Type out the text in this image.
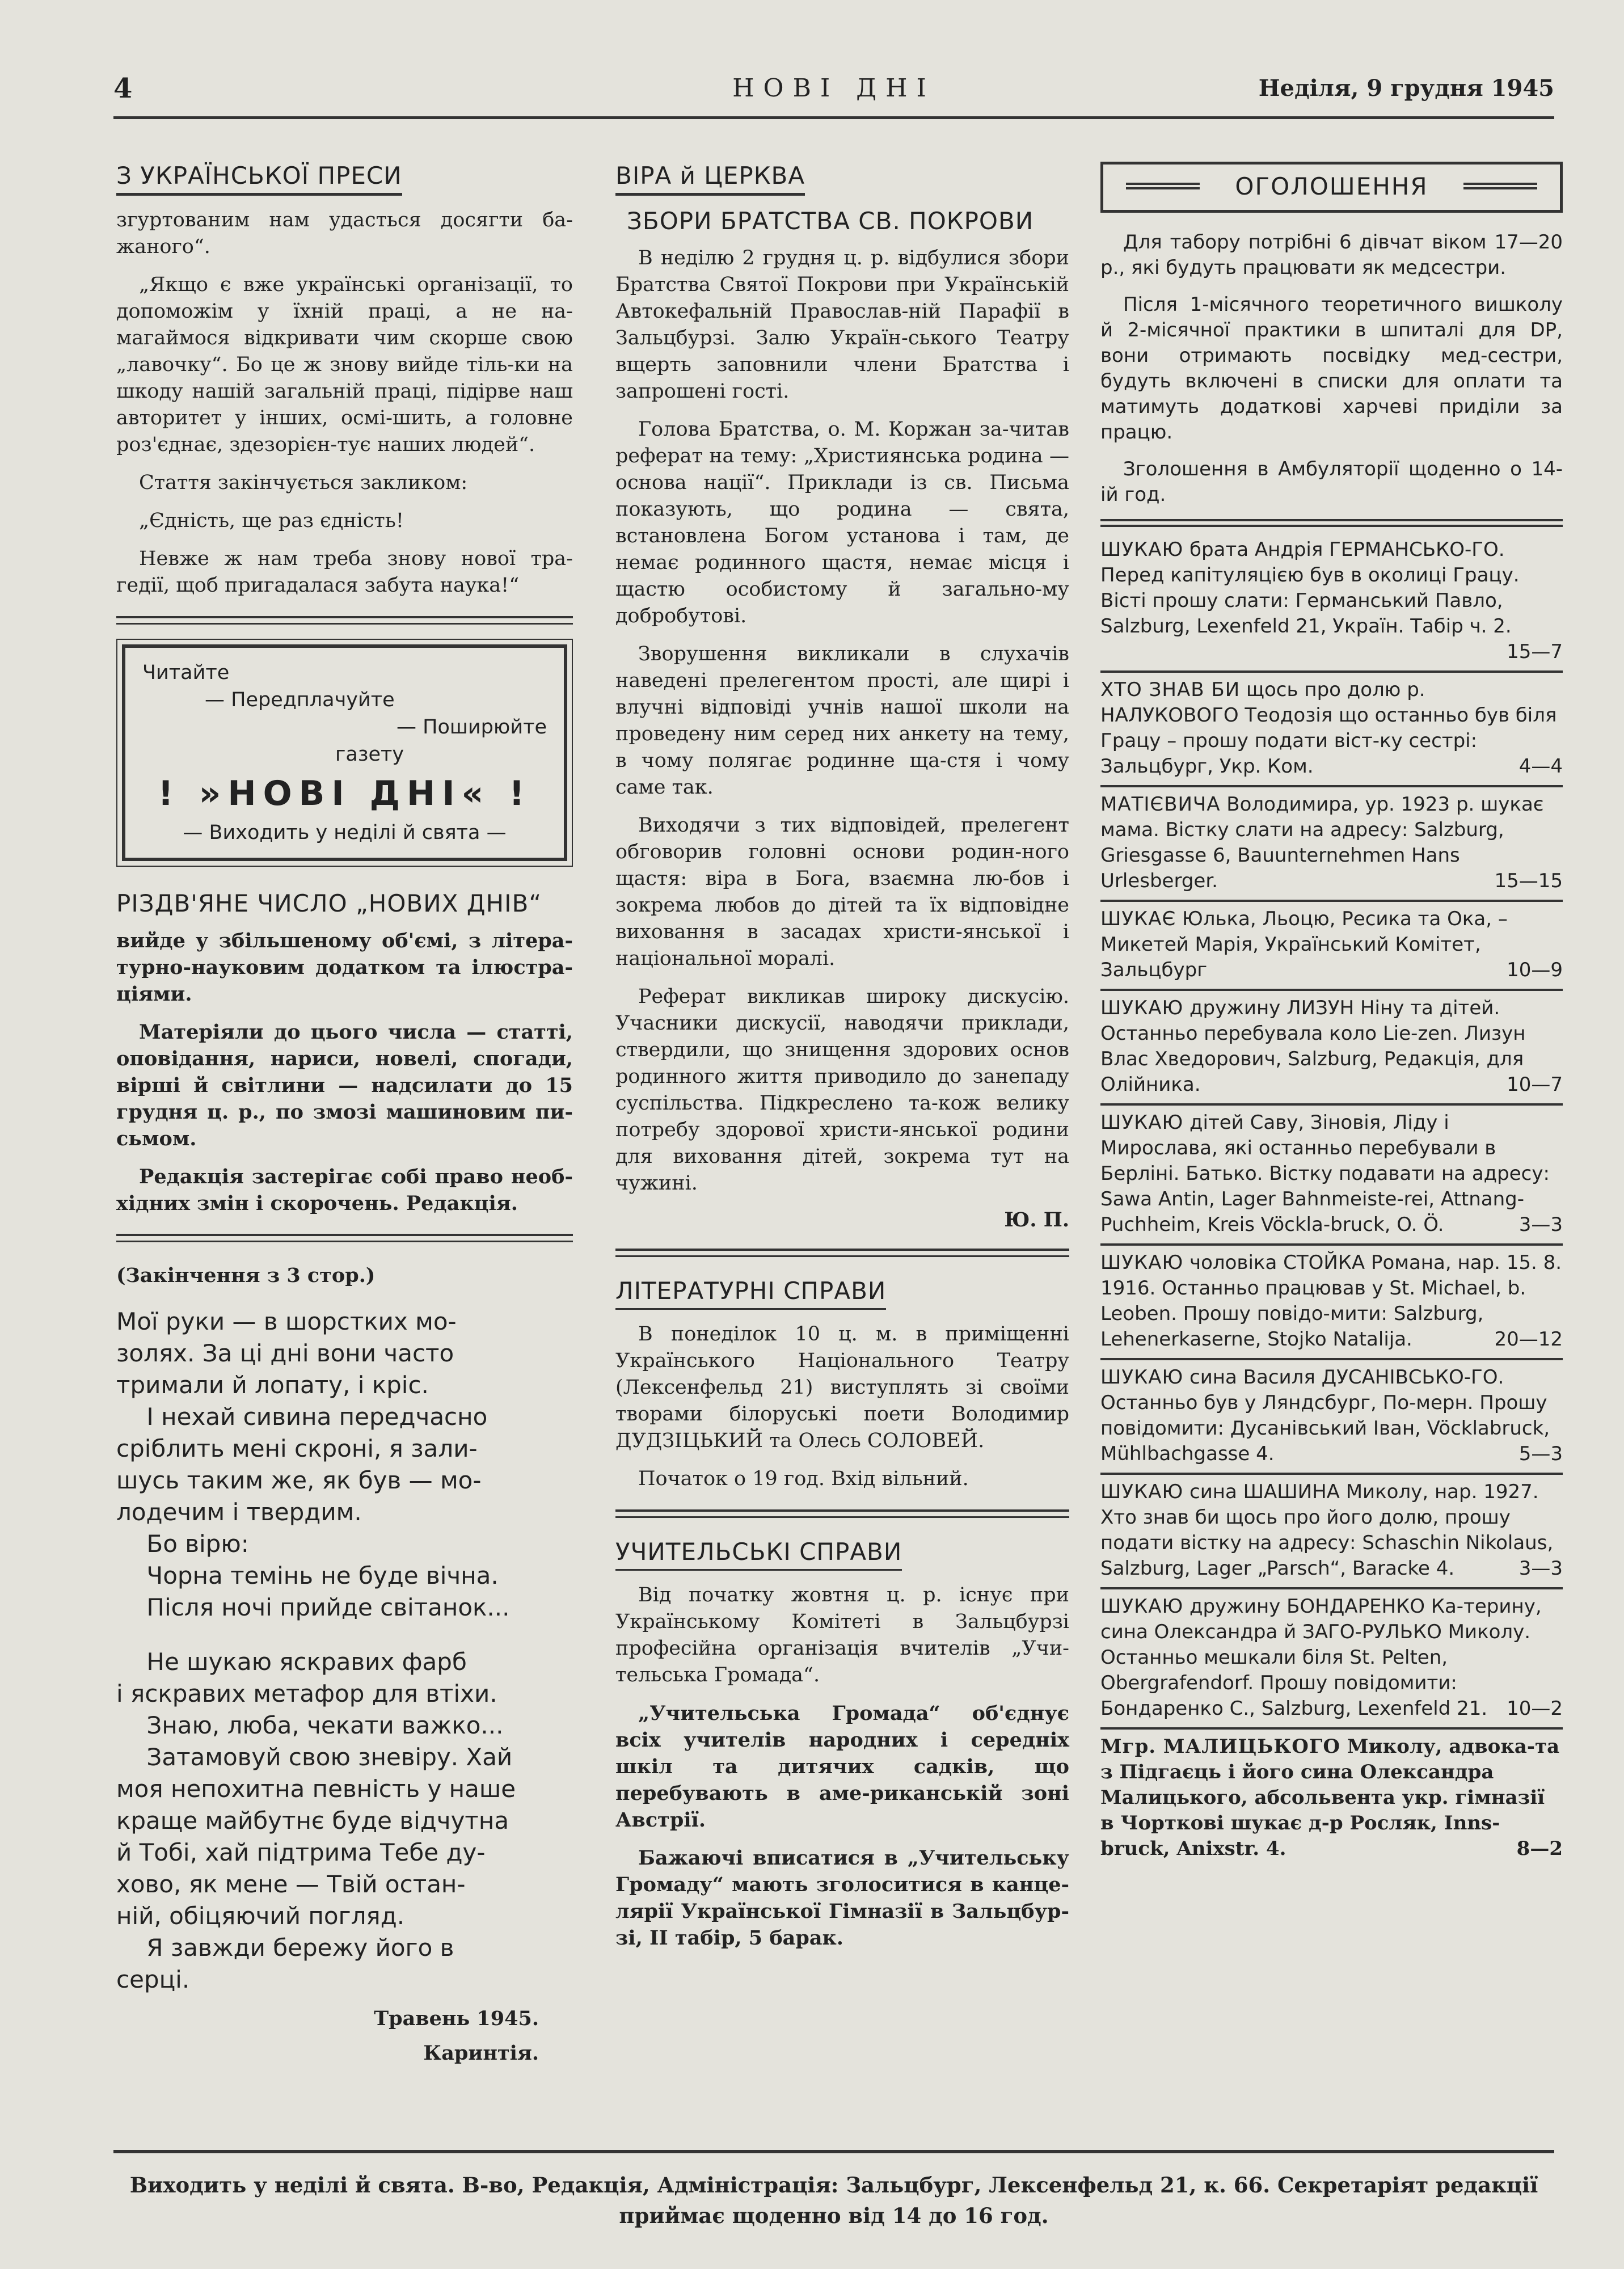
4	НОВІ ДНІ	Неділя, 9 грудня 1945
З УКРАЇНСЬКОЇ ПРЕСИ

згуртованим нам удасться досягти ба-жаного“.

„Якщо є вже українські організації, то допоможім у їхній праці, а не на-магаймося відкривати чим скорше свою „лавочку“. Бо це ж знову вийде тіль-ки на шкоду нашій загальній праці, підірве наш авторитет у інших, осмі-шить, а головне роз'єднає, здезорієн-тує наших людей“.

Стаття закінчується закликом:

„Єдність, ще раз єдність!

Невже ж нам треба знову нової тра-гедії, щоб пригадалася забута наука!“

Читайте
— Передплачуйте
— Поширюйте
газету
! »НОВІ ДНІ« !
— Виходить у неділі й свята —
РІЗДВ'ЯНЕ ЧИСЛО „НОВИХ ДНІВ“

вийде у збільшеному об'ємі, з літера-турно-науковим додатком та ілюстра-ціями.

Матеріяли до цього числа — статті, оповідання, нариси, новелі, спогади, вірші й світлини — надсилати до 15 грудня ц. р., по змозі машиновим пи-сьмом.

Редакція застерігає собі право необ-хідних змін і скорочень. Редакція.

(Закінчення з 3 стор.)

Мої руки — в шорстких мо-
золях. За ці дні вони часто
тримали й лопату, і кріс.
І нехай сивина передчасно
сріблить мені скроні, я зали-
шусь таким же, як був — мо-
лодечим і твердим.
Бо вірю:
Чорна темінь не буде вічна.
Після ночі прийде світанок...
Не шукаю яскравих фарб
і яскравих метафор для втіхи.
Знаю, люба, чекати важко...
Затамовуй свою зневіру. Хай
моя непохитна певність у наше
краще майбутнє буде відчутна
й Тобі, хай підтрима Тебе ду-
хово, як мене — Твій остан-
ній, обіцяючий погляд.
Я завжди бережу його в
серці.
Травень 1945.
Каринтія.
ВІРА й ЦЕРКВА
ЗБОРИ БРАТСТВА СВ. ПОКРОВИ

В неділю 2 грудня ц. р. відбулися збори Братства Святої Покрови при Українській Автокефальній Православ-ній Парафії в Зальцбурзі. Залю Україн-ського Театру вщерть заповнили члени Братства і запрошені гості.

Голова Братства, о. М. Коржан за-читав реферат на тему: „Християнська родина — основа нації“. Приклади із св. Письма показують, що родина — свята, встановлена Богом установа і там, де немає родинного щастя, немає місця і щастю особистому й загально-му добробутові.

Зворушення викликали в слухачів наведені прелегентом прості, але щирі і влучні відповіді учнів нашої школи на проведену ним серед них анкету на тему, в чому полягає родинне ща-стя і чому саме так.

Виходячи з тих відповідей, прелегент обговорив головні основи родин-ного щастя: віра в Бога, взаємна лю-бов і зокрема любов до дітей та їх відповідне виховання в засадах христи-янської і національної моралі.

Реферат викликав широку дискусію. Учасники дискусії, наводячи приклади, ствердили, що знищення здорових основ родинного життя приводило до занепаду суспільства. Підкреслено та-кож велику потребу здорової христи-янської родини для виховання дітей, зокрема тут на чужині.

Ю. П.
ЛІТЕРАТУРНІ СПРАВИ

В понеділок 10 ц. м. в приміщенні Українського Національного Театру (Лексенфельд 21) виступлять зі своїми творами білоруські поети Володимир ДУДЗІЦЬКИЙ та Олесь СОЛОВЕЙ.

Початок о 19 год. Вхід вільний.

УЧИТЕЛЬСЬКІ СПРАВИ

Від початку жовтня ц. р. існує при Українському Комітеті в Зальцбурзі професійна організація вчителів „Учи-тельська Громада“.

„Учительська Громада“ об'єднує всіх учителів народних і середніх шкіл та дитячих садків, що перебувають в аме-риканській зоні Австрії.

Бажаючі вписатися в „Учительську Громаду“ мають зголоситися в канце-лярії Української Гімназії в Зальцбур-зі, II табір, 5 барак.

ОГОЛОШЕННЯ

Для табору потрібні 6 дівчат віком 17—20 р., які будуть працювати як медсестри.

Після 1-місячного теоретичного вишколу й 2-місячної практики в шпиталі для DP, вони отримають посвідку мед-сестри, будуть включені в списки для оплати та матимуть додаткові харчеві приділи за працю.

Зголошення в Амбуляторії щоденно о 14-ій год.

ШУКАЮ брата Андрія ГЕРМАНСЬКО-ГО. Перед капітуляцією був в околиці Грацу. Вісті прошу слати: Германський Павло, Salzburg, Lexenfeld 21, Україн. Табір ч. 2.
15—7
ХТО ЗНАВ БИ щось про долю р. НАЛУКОВОГО Теодозія що останньо був біля Грацу – прошу подати віст-ку сестрі: Зальцбург, Укр. Ком.	4—4
МАТІЄВИЧА Володимира, ур. 1923 р. шукає мама. Вістку слати на адресу: Salzburg, Griesgasse 6, Bauunternehmen Hans Urlesberger.	15—15
ШУКАЄ Юлька, Льоцю, Ресика та Ока, – Микетей Марія, Український Комітет, Зальцбург	10—9
ШУКАЮ дружину ЛИЗУН Ніну та дітей. Останньо перебувала коло Lie-zen. Лизун Влас Хведорович, Salzburg, Редакція, для Олійника.	10—7
ШУКАЮ дітей Саву, Зіновія, Ліду і Мирослава, які останньо перебували в Берліні. Батько. Вістку подавати на адресу: Sawa Antin, Lager Bahnmeiste-rei, Attnang-Puchheim, Kreis Vöckla-bruck, O. Ö.	3—3
ШУКАЮ чоловіка СТОЙКА Романа, нар. 15. 8. 1916. Останньо працював у St. Michael, b. Leoben. Прошу повідо-мити: Salzburg, Lehenerkaserne, Stojko Natalija.	20—12
ШУКАЮ сина Василя ДУСАНІВСЬКО-ГО. Останньо був у Ляндсбург, По-мерн. Прошу повідомити: Дусанівський Іван, Vöcklabruck, Mühlbachgasse 4.	5—3
ШУКАЮ сина ШАШИНА Миколу, нар. 1927. Хто знав би щось про його долю, прошу подати вістку на адресу: Schaschin Nikolaus, Salzburg, Lager „Parsch“, Baracke 4.	3—3
ШУКАЮ дружину БОНДАРЕНКО Ка-терину, сина Олександра й ЗАГО-РУЛЬКО Миколу. Останньо мешкали біля St. Pelten, Obergrafendorf. Прошу повідомити: Бондаренко С., Salzburg, Lexenfeld 21. 10—2
Мгр. МАЛИЦЬКОГО Миколу, адвока-та з Підгаєць і його сина Олександра Малицького, абсольвента укр. гімназії в Чорткові шукає д-р Росляк, Inns-bruck, Anixstr. 4.	8—2
Виходить у неділі й свята. В-во, Редакція, Адміністрація: Зальцбург, Лексенфельд 21, к. 66. Секретаріят редакції
приймає щоденно від 14 до 16 год.
